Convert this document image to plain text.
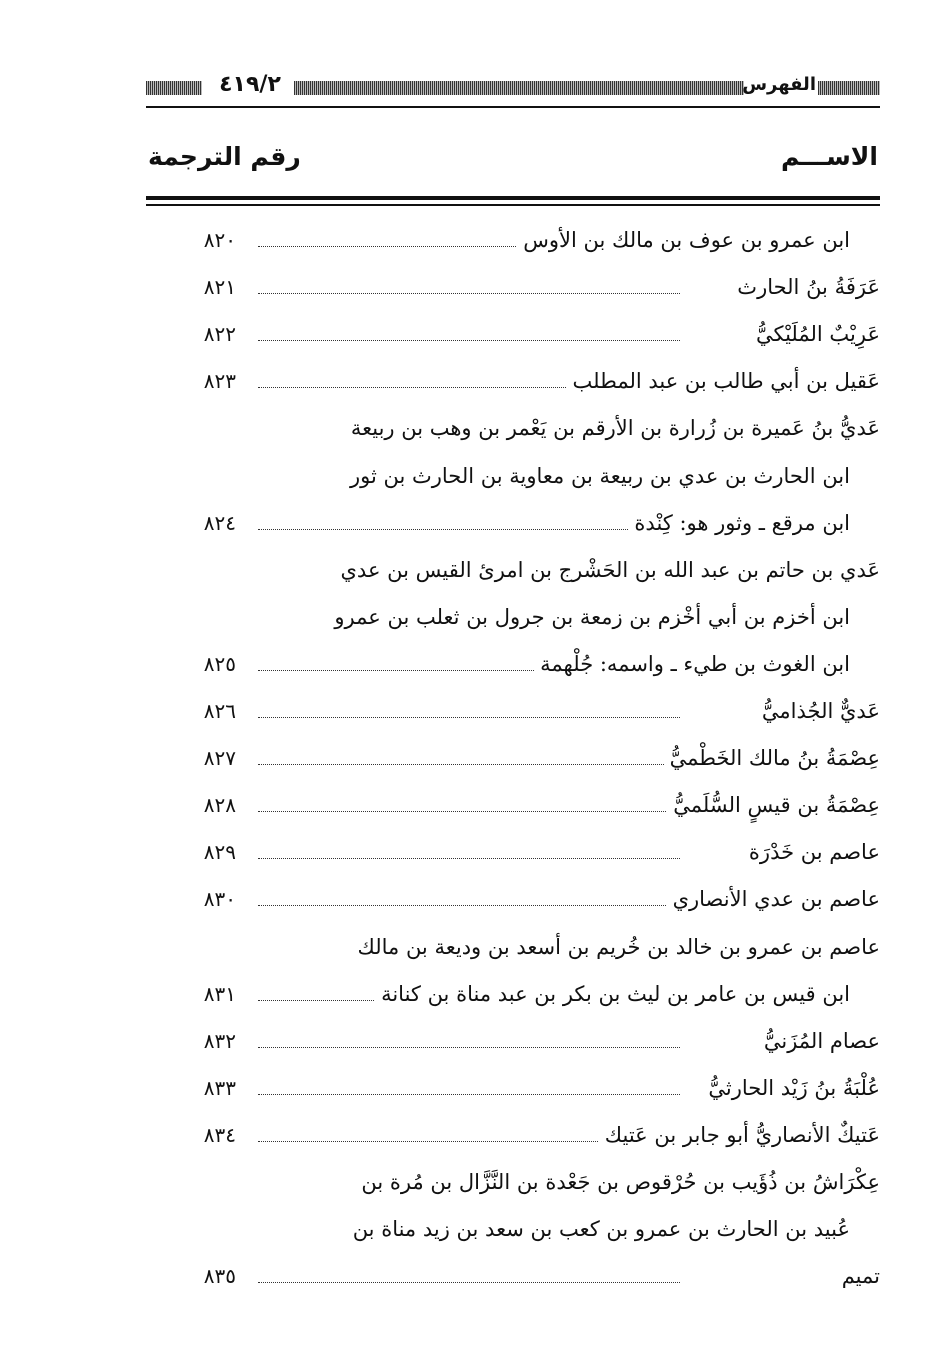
٤١٩/٢	الفهرس
الاســـم
رقم الترجمة
٨٢٠	ابن عمرو بن عوف بن مالك بن الأوس
٨٢١	عَرَفَةُ بنُ الحارث
٨٢٢	عَرِيْبٌ المُلَيْكيُّ
٨٢٣	عَقيل بن أبي طالب بن عبد المطلب
عَديُّ بنُ عَميرة بن زُرارة بن الأرقم بن يَعْمر بن وهب بن ربيعة
ابن الحارث بن عدي بن ربيعة بن معاوية بن الحارث بن ثور
٨٢٤	ابن مرقع ـ وثور هو: كِنْدة
عَدي بن حاتم بن عبد الله بن الحَشْرج بن امرئ القيس بن عدي
ابن أخزم بن أبي أخْزم بن زمعة بن جرول بن ثعلب بن عمرو
٨٢٥	ابن الغوث بن طيء ـ واسمه: جُلْهمة
٨٢٦	عَديٌّ الجُذاميُّ
٨٢٧	عِصْمَةُ بنُ مالك الخَطْميُّ
٨٢٨	عِصْمَةُ بن قيسٍ السُّلَميُّ
٨٢٩	عاصم بن خَدْرَة
٨٣٠	عاصم بن عدي الأنصاري
عاصم بن عمرو بن خالد بن خُريم بن أسعد بن وديعة بن مالك
٨٣١	ابن قيس بن عامر بن ليث بن بكر بن عبد مناة بن كنانة
٨٣٢	عصام المُزَنيُّ
٨٣٣	عُلْبَةُ بنُ زَيْد الحارثيُّ
٨٣٤	عَتيكٌ الأنصاريُّ أبو جابر بن عَتيك
عِكْرَاشُ بن ذُؤَيب بن حُرْقوص بن جَعْدة بن النَّزَّال بن مُرة بن
عُبيد بن الحارث بن عمرو بن كعب بن سعد بن زيد مناة بن
٨٣٥	تميم
